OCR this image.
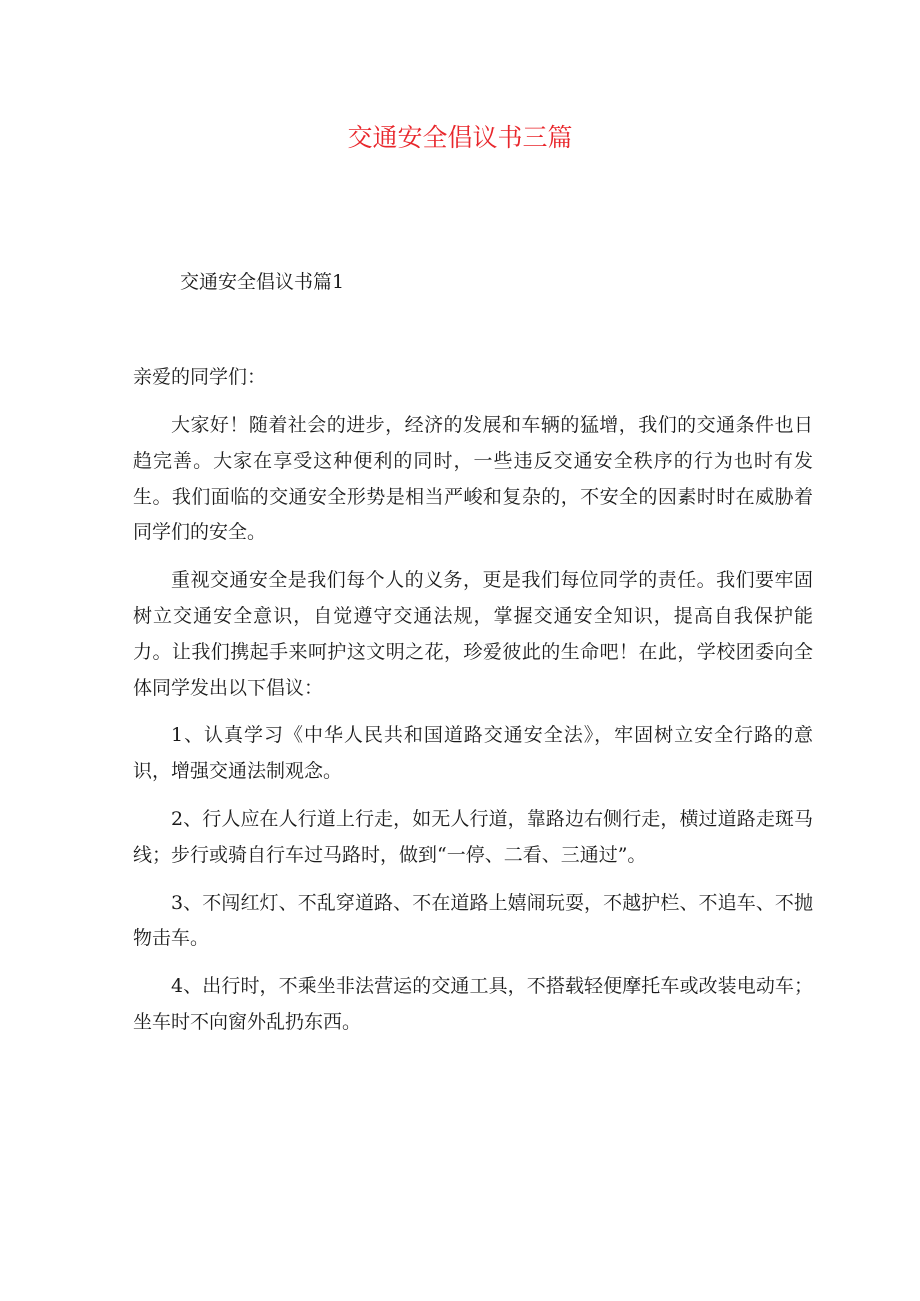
交通安全倡议书三篇
交通安全倡议书篇1
亲爱的同学们：

大家好！随着社会的进步，经济的发展和车辆的猛增，我们的交通条件也日趋完善。大家在享受这种便利的同时，一些违反交通安全秩序的行为也时有发生。我们面临的交通安全形势是相当严峻和复杂的，不安全的因素时时在威胁着同学们的安全。

重视交通安全是我们每个人的义务，更是我们每位同学的责任。我们要牢固树立交通安全意识，自觉遵守交通法规，掌握交通安全知识，提高自我保护能力。让我们携起手来呵护这文明之花，珍爱彼此的生命吧！在此，学校团委向全体同学发出以下倡议：

1、认真学习《中华人民共和国道路交通安全法》，牢固树立安全行路的意识，增强交通法制观念。

2、行人应在人行道上行走，如无人行道，靠路边右侧行走，横过道路走斑马线；步行或骑自行车过马路时，做到“一停、二看、三通过”。

3、不闯红灯、不乱穿道路、不在道路上嬉闹玩耍，不越护栏、不追车、不抛物击车。

4、出行时，不乘坐非法营运的交通工具，不搭载轻便摩托车或改装电动车；坐车时不向窗外乱扔东西。
